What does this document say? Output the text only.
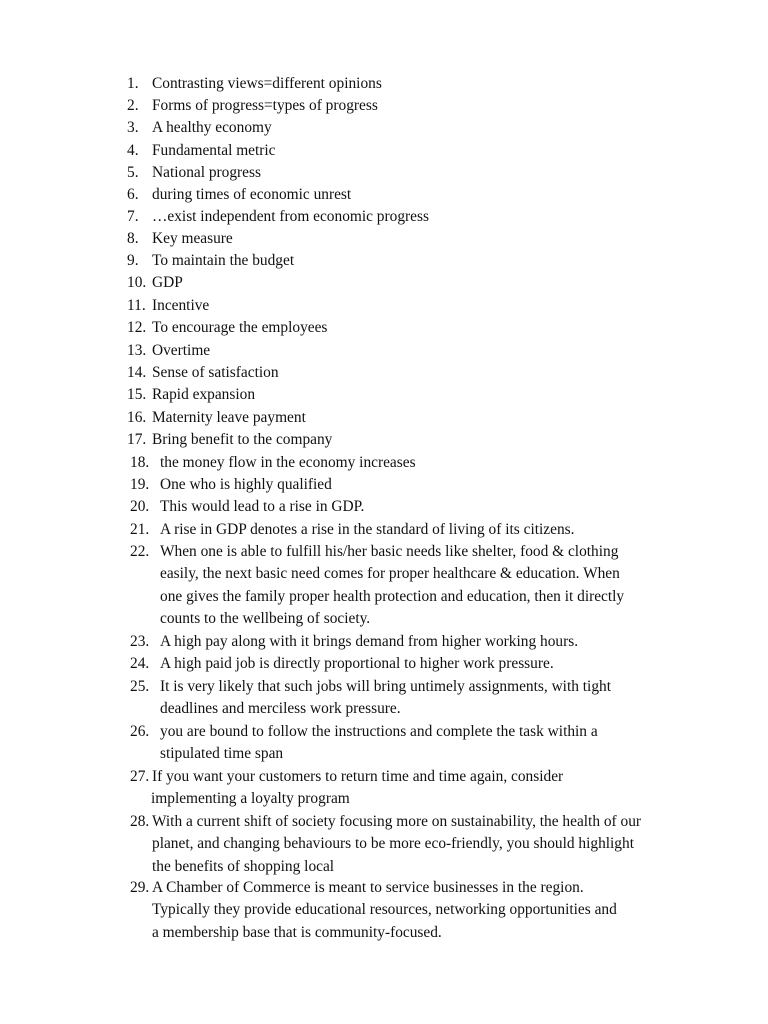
1. Contrasting views=different opinions
2. Forms of progress=types of progress
3. A healthy economy
4. Fundamental metric
5. National progress
6. during times of economic unrest
7. …exist independent from economic progress
8. Key measure
9. To maintain the budget
10. GDP
11. Incentive
12. To encourage the employees
13. Overtime
14. Sense of satisfaction
15. Rapid expansion
16. Maternity leave payment
17. Bring benefit to the company
18. the money flow in the economy increases
19. One who is highly qualified
20. This would lead to a rise in GDP.
21. A rise in GDP denotes a rise in the standard of living of its citizens.
22. When one is able to fulfill his/her basic needs like shelter, food & clothing
easily, the next basic need comes for proper healthcare & education. When
one gives the family proper health protection and education, then it directly
counts to the wellbeing of society.
23. A high pay along with it brings demand from higher working hours.
24. A high paid job is directly proportional to higher work pressure.
25. It is very likely that such jobs will bring untimely assignments, with tight
deadlines and merciless work pressure.
26. you are bound to follow the instructions and complete the task within a
stipulated time span
27. If you want your customers to return time and time again, consider
implementing a loyalty program
28. With a current shift of society focusing more on sustainability, the health of our
planet, and changing behaviours to be more eco-friendly, you should highlight
the benefits of shopping local
29. A Chamber of Commerce is meant to service businesses in the region.
Typically they provide educational resources, networking opportunities and
a membership base that is community-focused.
